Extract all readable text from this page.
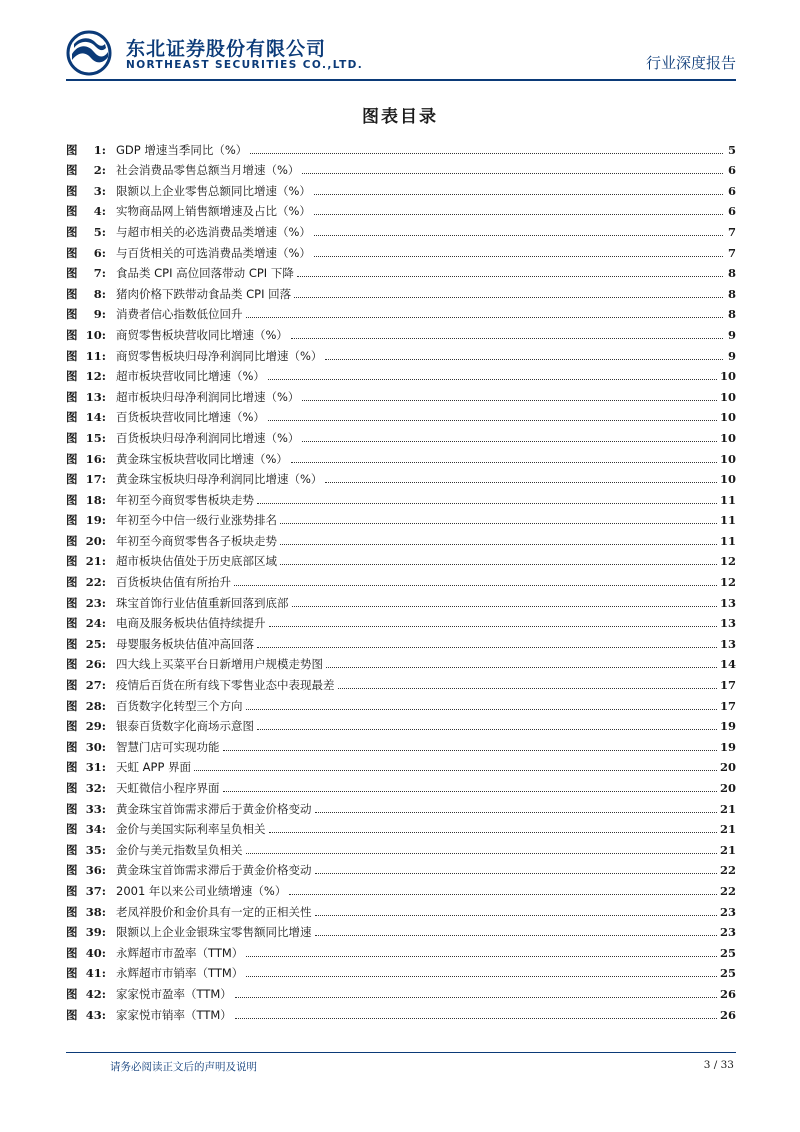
东北证券股份有限公司
NORTHEAST SECURITIES CO.,LTD.	行业深度报告
图表目录
图 1: GDP 增速当季同比（%）	5
图 2: 社会消费品零售总额当月增速（%）	6
图 3: 限额以上企业零售总额同比增速（%）	6
图 4: 实物商品网上销售额增速及占比（%）	6
图 5: 与超市相关的必选消费品类增速（%）	7
图 6: 与百货相关的可选消费品类增速（%）	7
图 7: 食品类 CPI 高位回落带动 CPI 下降	8
图 8: 猪肉价格下跌带动食品类 CPI 回落	8
图 9: 消费者信心指数低位回升	8
图 10: 商贸零售板块营收同比增速（%）	9
图 11: 商贸零售板块归母净利润同比增速（%）	9
图 12: 超市板块营收同比增速（%）	10
图 13: 超市板块归母净利润同比增速（%）	10
图 14: 百货板块营收同比增速（%）	10
图 15: 百货板块归母净利润同比增速（%）	10
图 16: 黄金珠宝板块营收同比增速（%）	10
图 17: 黄金珠宝板块归母净利润同比增速（%）	10
图 18: 年初至今商贸零售板块走势	11
图 19: 年初至今中信一级行业涨势排名	11
图 20: 年初至今商贸零售各子板块走势	11
图 21: 超市板块估值处于历史底部区域	12
图 22: 百货板块估值有所抬升	12
图 23: 珠宝首饰行业估值重新回落到底部	13
图 24: 电商及服务板块估值持续提升	13
图 25: 母婴服务板块估值冲高回落	13
图 26: 四大线上买菜平台日新增用户规模走势图	14
图 27: 疫情后百货在所有线下零售业态中表现最差	17
图 28: 百货数字化转型三个方向	17
图 29: 银泰百货数字化商场示意图	19
图 30: 智慧门店可实现功能	19
图 31: 天虹 APP 界面	20
图 32: 天虹微信小程序界面	20
图 33: 黄金珠宝首饰需求滞后于黄金价格变动	21
图 34: 金价与美国实际利率呈负相关	21
图 35: 金价与美元指数呈负相关	21
图 36: 黄金珠宝首饰需求滞后于黄金价格变动	22
图 37: 2001 年以来公司业绩增速（%）	22
图 38: 老凤祥股价和金价具有一定的正相关性	23
图 39: 限额以上企业金银珠宝零售额同比增速	23
图 40: 永辉超市市盈率（TTM）	25
图 41: 永辉超市市销率（TTM）	25
图 42: 家家悦市盈率（TTM）	26
图 43: 家家悦市销率（TTM）	26
请务必阅读正文后的声明及说明	3 / 33
